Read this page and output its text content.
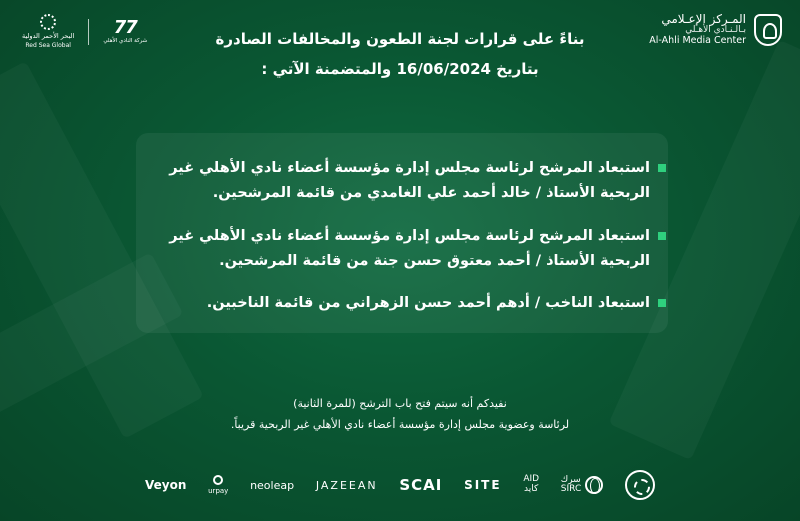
المـركز الإعـلامي
بـالـنـادي الأهـلي
Al-Ahli Media Center
البحر الأحمر الدولية
Red Sea Global
77
شركة النادي الأهلي	بناءً على قرارات لجنة الطعون والمخالفات الصادرة
بتاريخ 16/06/2024 والمتضمنة الآتي :
استبعاد المرشح لرئاسة مجلس إدارة مؤسسة أعضاء نادي الأهلي غير
الربحية الأستاذ / خالد أحمد علي الغامدي من قائمة المرشحين.
استبعاد المرشح لرئاسة مجلس إدارة مؤسسة أعضاء نادي الأهلي غير
الربحية الأستاذ / أحمد معتوق حسن جنة من قائمة المرشحين.
استبعاد الناخب / أدهم أحمد حسن الزهراني من قائمة الناخبين.
نفيدكم أنه سيتم فتح باب الترشح (للمرة الثانية)
لرئاسة وعضوية مجلس إدارة مؤسسة أعضاء نادي الأهلي غير الربحية قريباً.
Veyon	urpay neoleap JAZEEAN SCAI SITE AID
كايد
سرك
SIRC
